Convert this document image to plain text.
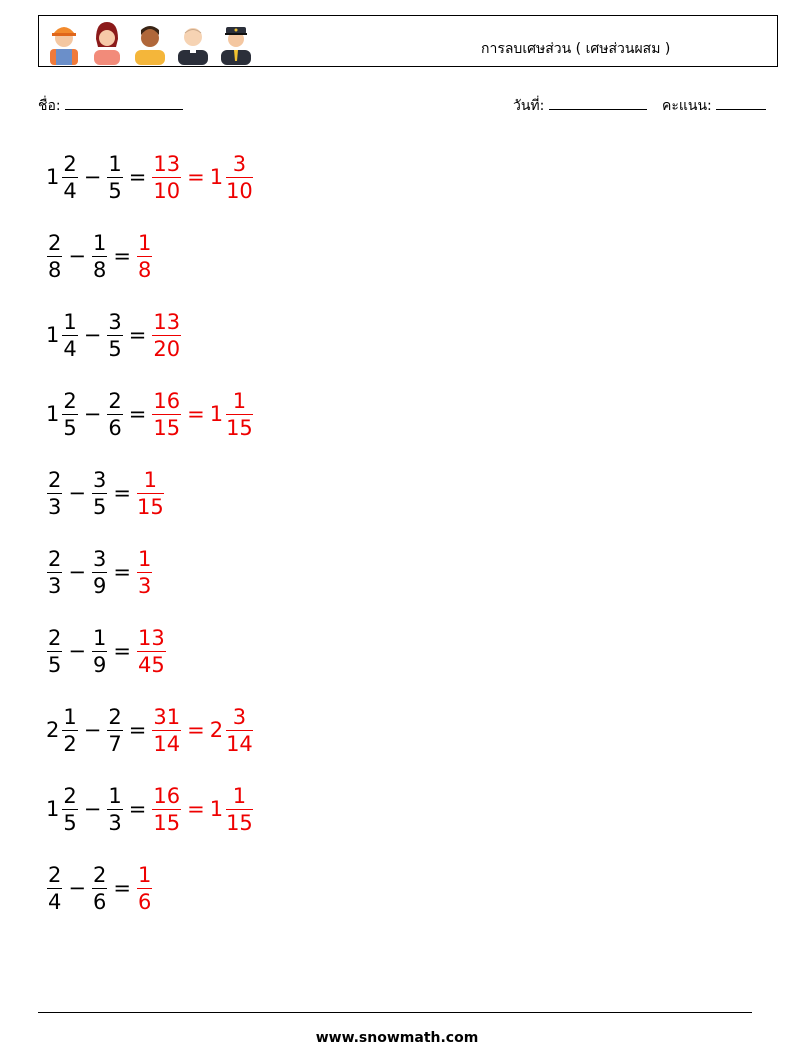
การลบเศษส่วน ( เศษส่วนผสม )
ชื่อ:	วันที่:	คะแนน:
$1 \frac{2}{4} - \frac{1}{5} = \frac{13}{10} = 1 \frac{3}{10}$
$\frac{2}{8} - \frac{1}{8} = \frac{1}{8}$
$1 \frac{1}{4} - \frac{3}{5} = \frac{13}{20}$
$1 \frac{2}{5} - \frac{2}{6} = \frac{16}{15} = 1 \frac{1}{15}$
$\frac{2}{3} - \frac{3}{5} = \frac{1}{15}$
$\frac{2}{3} - \frac{3}{9} = \frac{1}{3}$
$\frac{2}{5} - \frac{1}{9} = \frac{13}{45}$
$2 \frac{1}{2} - \frac{2}{7} = \frac{31}{14} = 2 \frac{3}{14}$
$1 \frac{2}{5} - \frac{1}{3} = \frac{16}{15} = 1 \frac{1}{15}$
$\frac{2}{4} - \frac{2}{6} = \frac{1}{6}$
www.snowmath.com
